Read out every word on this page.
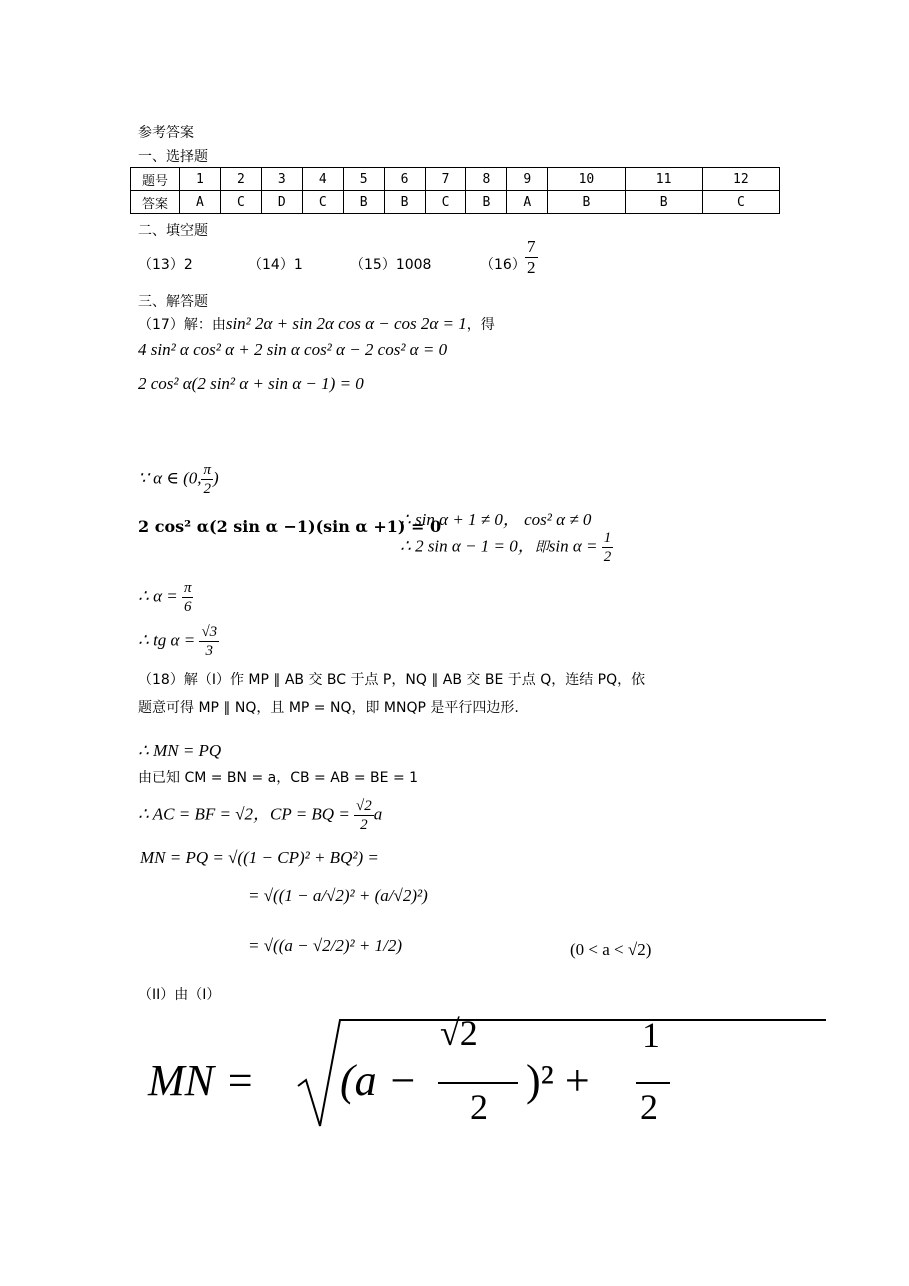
参考答案
一、选择题
题号	1	2	3	4	5	6	7	8	9	10	11	12
答案	A	C	D	C	B	B	C	B	A	B	B	C
二、填空题
（13）2	（14）1	（15）1008	$(16) \frac{7}{2}$
三、解答题
（17）解：由sin² 2α + sin 2α cos α − cos 2α = 1，得
4 sin² α cos² α + 2 sin α cos² α − 2 cos² α = 0
2 cos² α(2 sin² α + sin α − 1) = 0
∵ α ∈ (0, $\frac{\pi}{2}$ )
2 cos² α(2 sin α −1)(sin α +1) = 0
∴ sin α + 1 ≠ 0， cos² α ≠ 0
∴ 2 sin α − 1 = 0，即$\sin \alpha = \frac{1}{2}$
∴ $\alpha = \frac{\pi}{6}$
∴ tg $\alpha = \frac{√3}{3}$
（18）解（I）作 MP ∥ AB 交 BC 于点 P，NQ ∥ AB 交 BE 于点 Q，连结 PQ，依
题意可得 MP ∥ NQ，且 MP = NQ，即 MNQP 是平行四边形.
∴ MN = PQ
由已知 CM = BN = a，CB = AB = BE = 1
∴ AC = BF = √2，CP = BQ = $\frac{√2}{2}$ a
MN = PQ = √((1 − CP)² + BQ²) =
= √((1 − a/√2)² + (a/√2)²)
= √((a − √2/2)² + 1/2)	(0 < a < √2)
（II）由（I）
MN = (a −
√2
2
)² +
1
2
